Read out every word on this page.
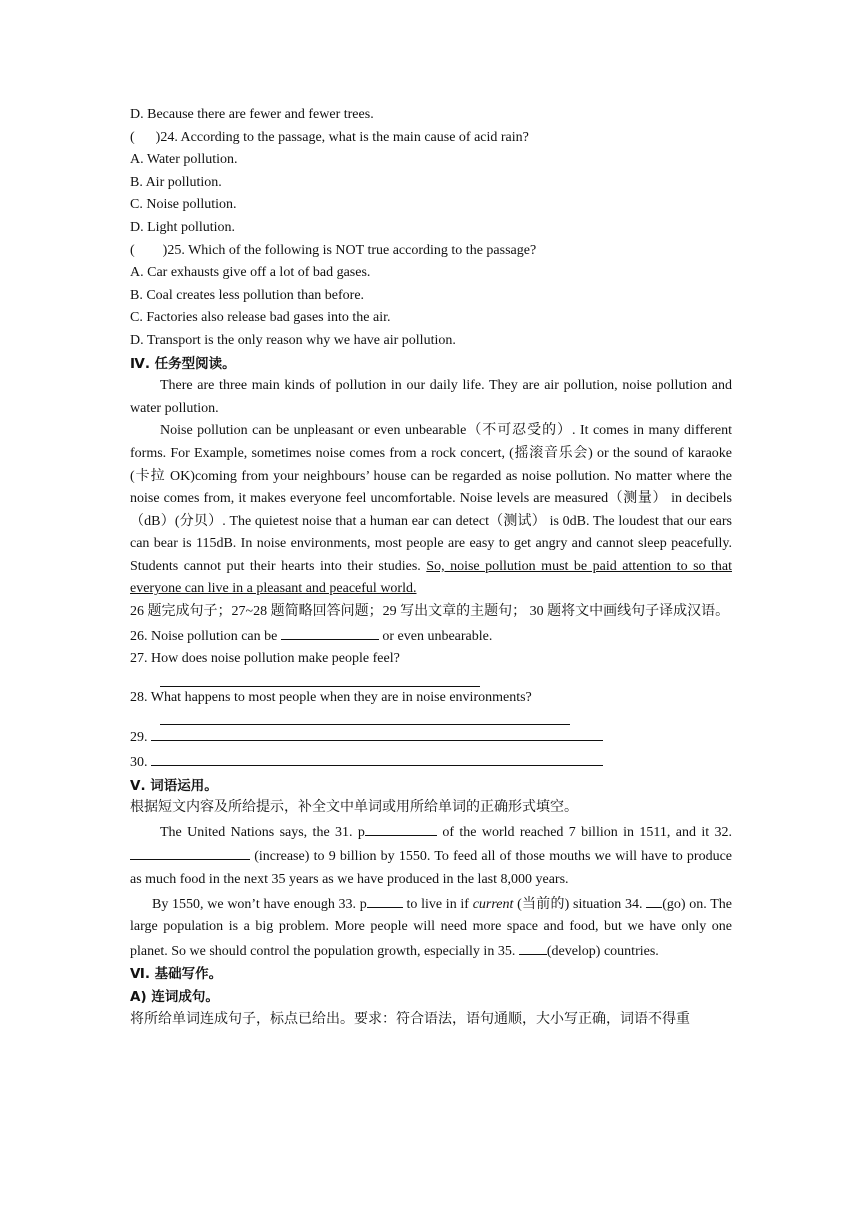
D. Because there are fewer and fewer trees.
(      )24. According to the passage, what is the main cause of acid rain?
A. Water pollution.
B. Air pollution.
C. Noise pollution.
D. Light pollution.
(        )25. Which of the following is NOT true according to the passage?
A. Car exhausts give off a lot of bad gases.
B. Coal creates less pollution than before.
C. Factories also release bad gases into the air.
D. Transport is the only reason why we have air pollution.
Ⅳ. 任务型阅读。
There are three main kinds of pollution in our daily life. They are air pollution, noise pollution and water pollution.
Noise pollution can be unpleasant or even unbearable（不可忍受的）. It comes in many different forms. For Example, sometimes noise comes from a rock concert, (摇滚音乐会) or the sound of karaoke (卡拉 OK)coming from your neighbours’ house can be regarded as noise pollution. No matter where the noise comes from, it makes everyone feel uncomfortable. Noise levels are measured（测量） in decibels（dB）(分贝）. The quietest noise that a human ear can detect（测试） is 0dB. The loudest that our ears can bear is 115dB. In noise environments, most people are easy to get angry and cannot sleep peacefully. Students cannot put their hearts into their studies. So, noise pollution must be paid attention to so that everyone can live in a pleasant and peaceful world.
26 题完成句子；27~28 题简略回答问题；29 写出文章的主题句； 30 题将文中画线句子译成汉语。
26. Noise pollution can be	or even unbearable.
27. How does noise pollution make people feel?
28. What happens to most people when they are in noise environments?
29.
30.
Ⅴ. 词语运用。
根据短文内容及所给提示，补全文中单词或用所给单词的正确形式填空。
The United Nations says, the 31. p	of the world reached 7 billion in 1511, and it 32.  (increase) to 9 billion by 1550. To feed all of those mouths we will have to produce as much food in the next 35 years as we have produced in the last 8,000 years.
By 1550, we won’t have enough 33. p	to live in if current (当前的) situation 34. (go) on. The large population is a big problem. More people will need more space and food, but we have only one planet. So we should control the population growth, especially in 35. (develop) countries.
Ⅵ. 基础写作。
A) 连词成句。
将所给单词连成句子，标点已给出。要求：符合语法，语句通顺，大小写正确，词语不得重
